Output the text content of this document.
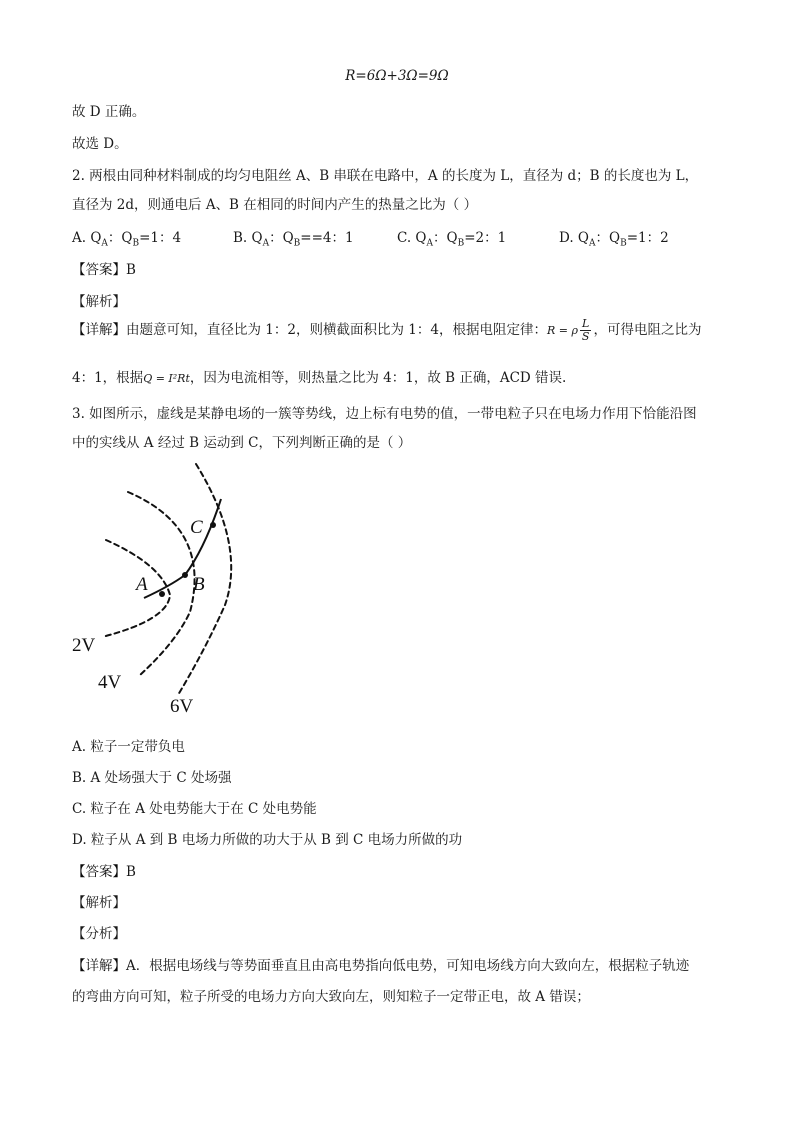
R=6Ω+3Ω=9Ω
故 D 正确。
故选 D。
2. 两根由同种材料制成的均匀电阻丝 A、B 串联在电路中，A 的长度为 L，直径为 d；B 的长度也为 L，
直径为 2d，则通电后 A、B 在相同的时间内产生的热量之比为（ ）
A. $Q_A$：$Q_B=1$：4	B. $Q_A$：$Q_B==4$：1	C. $Q_A$：$Q_B=2$：1	D. $Q_A$：$Q_B=1$：2
【答案】B
【解析】
【详解】由题意可知，直径比为 1：2，则横截面积比为 1：4，根据电阻定律：R = ρ $\frac{L}{S}$ ，可得电阻之比为
4：1，根据Q = I²Rt，因为电流相等，则热量之比为 4：1，故 B 正确，ACD 错误.
3. 如图所示，虚线是某静电场的一簇等势线，边上标有电势的值，一带电粒子只在电场力作用下恰能沿图
中的实线从 A 经过 B 运动到 C，下列判断正确的是（ ）
A B
C
2V
4V
6V
A. 粒子一定带负电
B. A 处场强大于 C 处场强
C. 粒子在 A 处电势能大于在 C 处电势能
D. 粒子从 A 到 B 电场力所做的功大于从 B 到 C 电场力所做的功
【答案】B
【解析】
【分析】
【详解】A．根据电场线与等势面垂直且由高电势指向低电势，可知电场线方向大致向左，根据粒子轨迹
的弯曲方向可知，粒子所受的电场力方向大致向左，则知粒子一定带正电，故 A 错误；
